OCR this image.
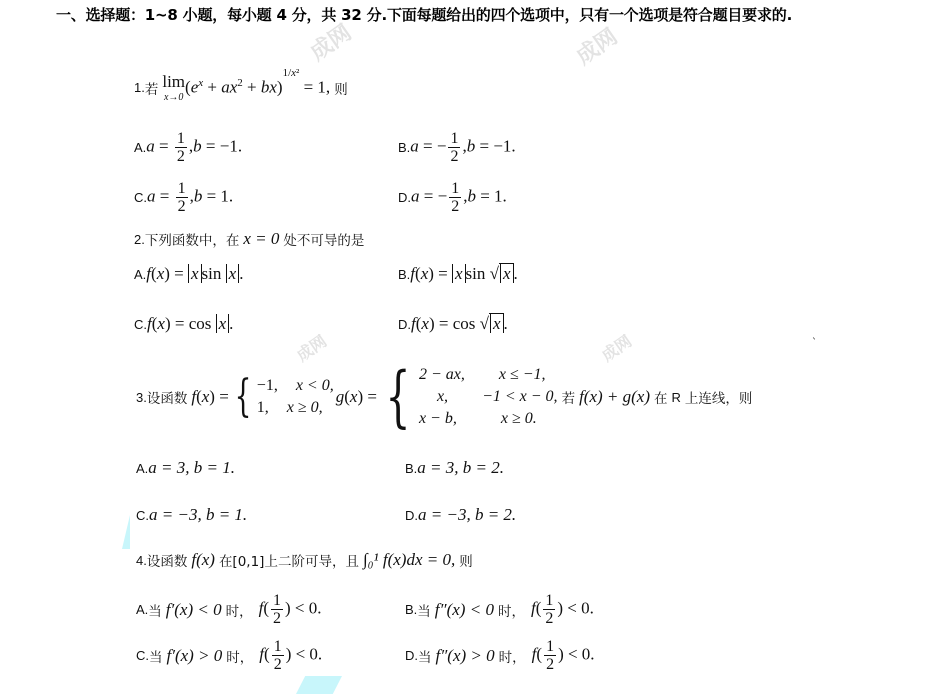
一、选择题：1~8 小题，每小题 4 分，共 32 分.下面每题给出的四个选项中，只有一个选项是符合题目要求的.
成网	成网
成网	成网	`
1. 若 lim
x→0
$(e^x + ax^2 + bx)^{1/x^2} = 1$, 则
A. $a = \frac{1}{2} ,b = -1$.	B. a = − $\frac{1}{2} ,b = -1$.
C. $a = \frac{1}{2} ,b = 1$.	D. a = − $\frac{1}{2} ,b = 1$.
2. 下列函数中，在 x = 0 处不可导的是
A. f(x) = x sin x .	B. f(x) = x sin √ x .
C. f(x) = cos x .	D. f(x) = cos √ x .
3. 设函数 f(x) = { −1, x < 0,
1, x ≥ 0,
g(x) = { 2 − ax, x ≤ −1,
x, −1 < x − 0,
x − b,	x ≥ 0.
若 f(x) + g(x) 在 R 上连线，则
A. a = 3, b = 1.	B. a = 3, b = 2.
C. a = −3, b = 1.	D. a = −3, b = 2.
4. 设函数 f(x) 在[0,1]上二阶可导，且 ∫₀¹ f(x)dx = 0, 则
A. 当 f′(x) < 0 时， $f( \frac{1}{2}$ ) < 0.	B. 当 f″(x) < 0 时， $f( \frac{1}{2}$ ) < 0.
C. 当 f′(x) > 0 时， $f( \frac{1}{2}$ ) < 0.	D. 当 f″(x) > 0 时， $f( \frac{1}{2}$ ) < 0.
